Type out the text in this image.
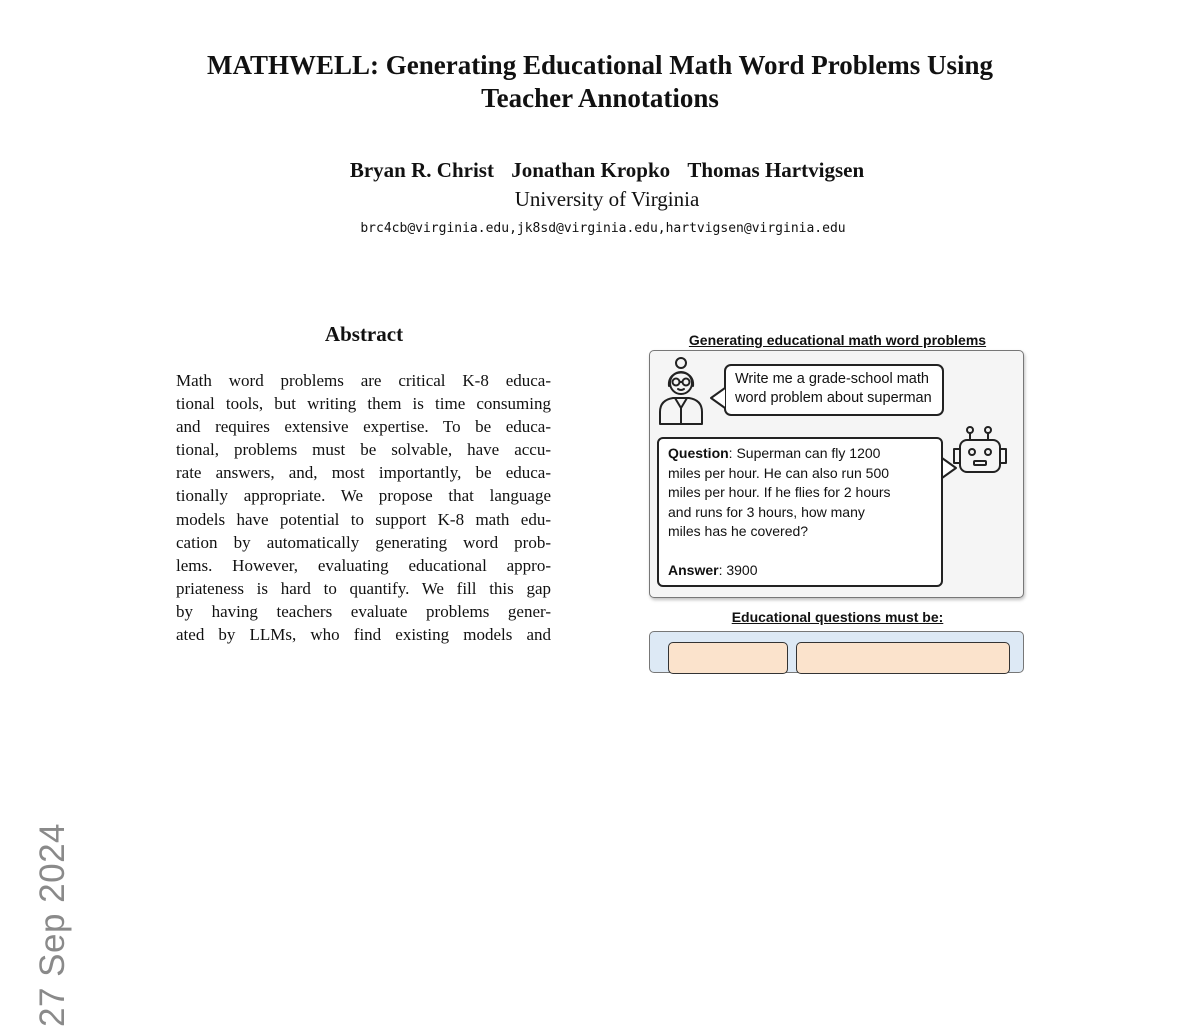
27 Sep 2024
MATHWELL: Generating Educational Math Word Problems Using
Teacher Annotations
Bryan R. Christ Jonathan Kropko Thomas Hartvigsen
University of Virginia
brc4cb@virginia.edu,jk8sd@virginia.edu,hartvigsen@virginia.edu
Abstract
Math word problems are critical K-8 educa-
tional tools, but writing them is time consuming
and requires extensive expertise. To be educa-
tional, problems must be solvable, have accu-
rate answers, and, most importantly, be educa-
tionally appropriate. We propose that language
models have potential to support K-8 math edu-
cation by automatically generating word prob-
lems. However, evaluating educational appro-
priateness is hard to quantify. We fill this gap
by having teachers evaluate problems gener-
ated by LLMs, who find existing models and
Generating educational math word problems
Write me a grade-school math
word problem about superman
Question: Superman can fly 1200
miles per hour. He can also run 500
miles per hour. If he flies for 2 hours
and runs for 3 hours, how many
miles has he covered?
Answer: 3900
Educational questions must be:
